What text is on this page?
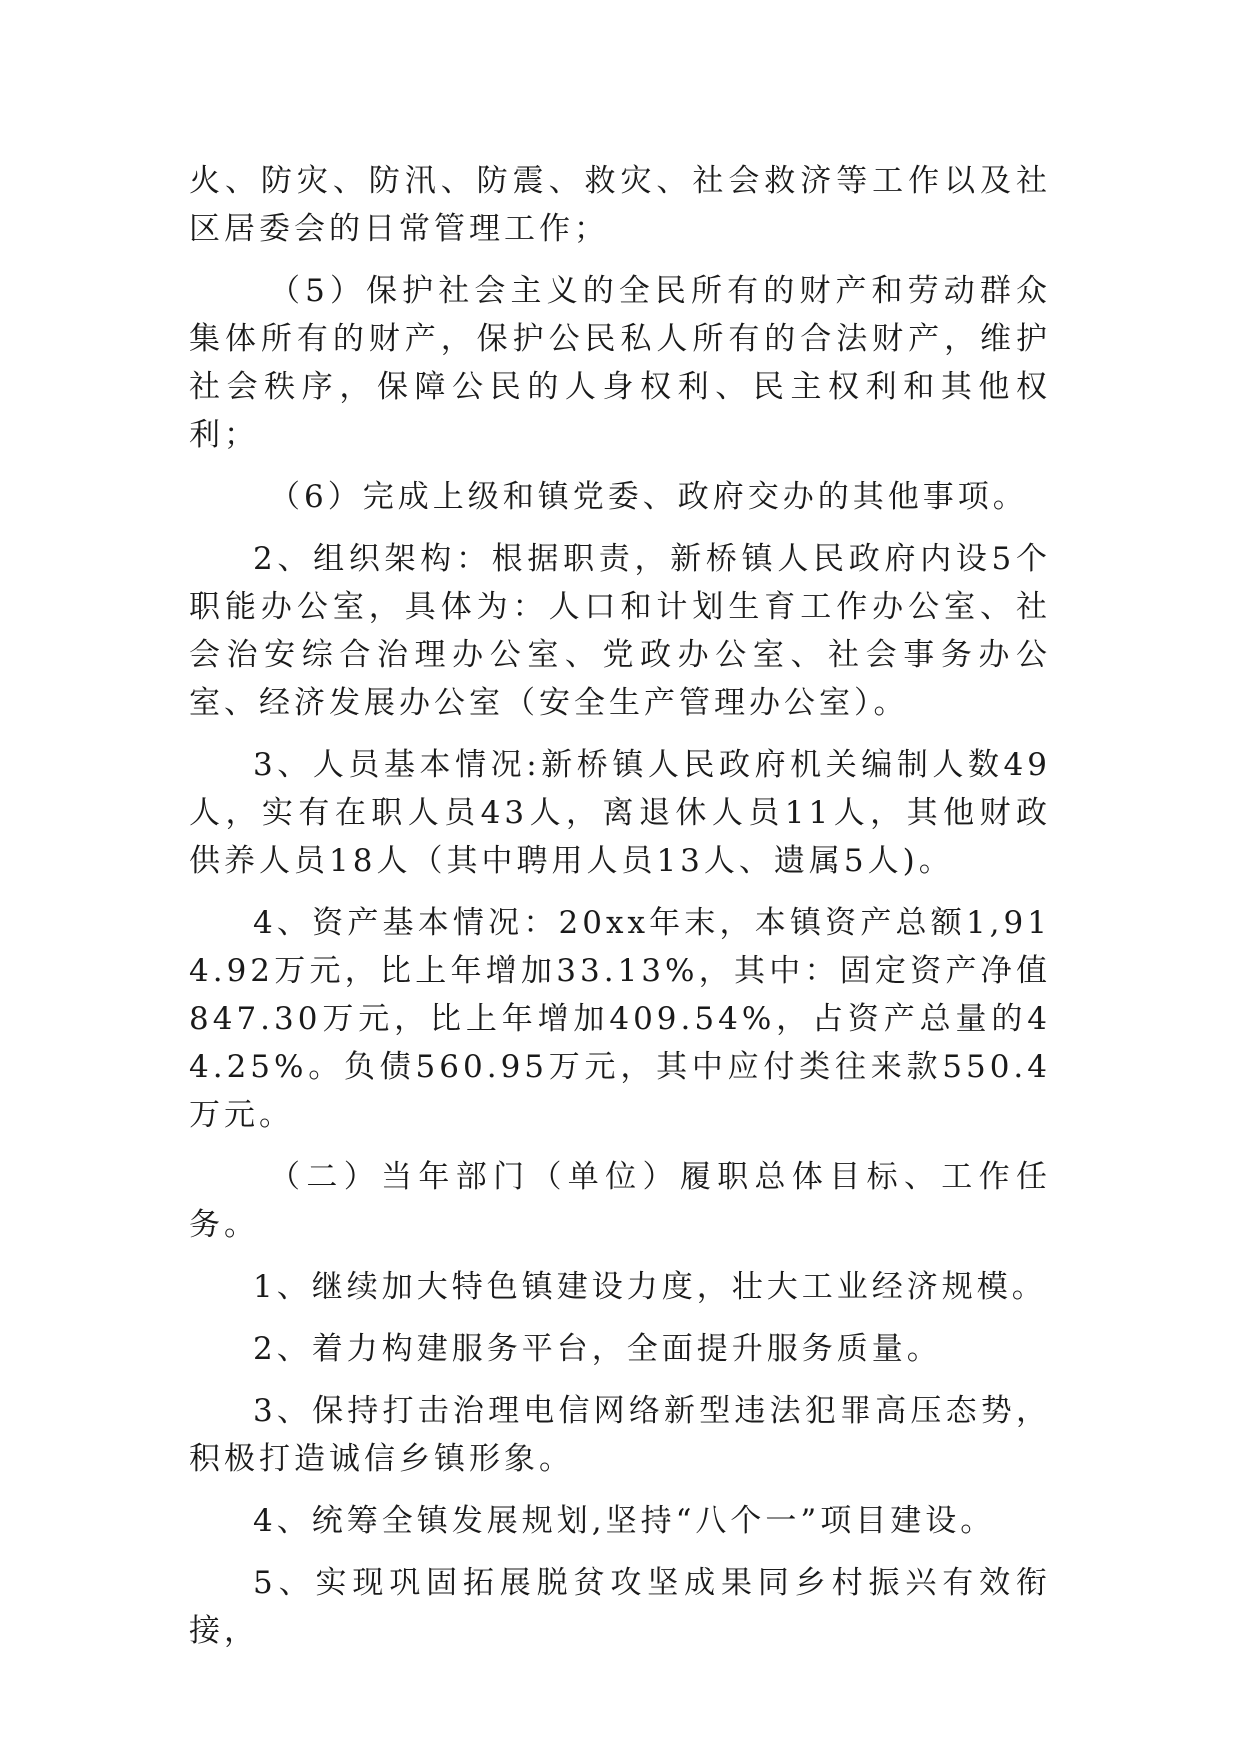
火、防灾、防汛、防震、救灾、社会救济等工作以及社区居委会的日常管理工作；

（5）保护社会主义的全民所有的财产和劳动群众集体所有的财产，保护公民私人所有的合法财产，维护社会秩序，保障公民的人身权利、民主权利和其他权利；

（6）完成上级和镇党委、政府交办的其他事项。

2、组织架构：根据职责，新桥镇人民政府内设5个职能办公室，具体为：人口和计划生育工作办公室、社会治安综合治理办公室、党政办公室、社会事务办公室、经济发展办公室（安全生产管理办公室）。

3、人员基本情况:新桥镇人民政府机关编制人数49人，实有在职人员43人，离退休人员11人，其他财政供养人员18人（其中聘用人员13人、遗属5人)。

4、资产基本情况：20xx年末，本镇资产总额1,914.92万元，比上年增加33.13%，其中：固定资产净值847.30万元，比上年增加409.54%，占资产总量的44.25%。负债560.95万元，其中应付类往来款550.4万元。

（二）当年部门（单位）履职总体目标、工作任务。

1、继续加大特色镇建设力度，壮大工业经济规模。

2、着力构建服务平台，全面提升服务质量。

3、保持打击治理电信网络新型违法犯罪高压态势，积极打造诚信乡镇形象。

4、统筹全镇发展规划,坚持“八个一”项目建设。

5、实现巩固拓展脱贫攻坚成果同乡村振兴有效衔接，
